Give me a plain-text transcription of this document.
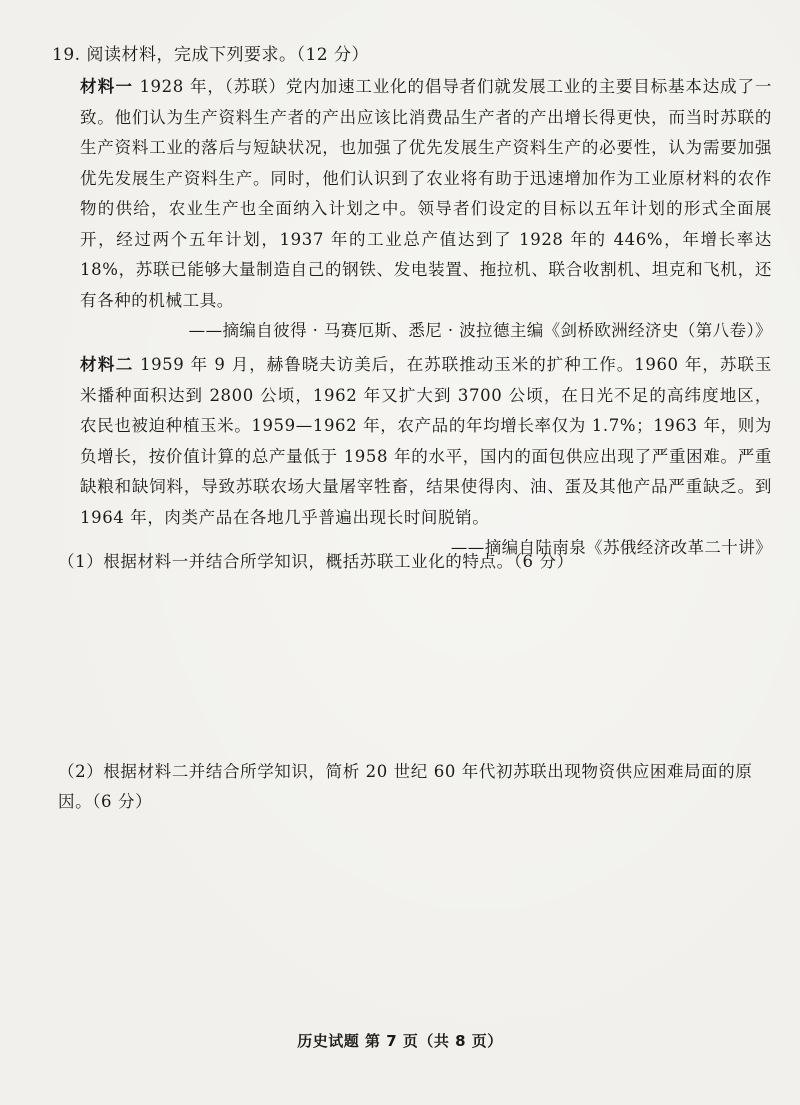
19. 阅读材料，完成下列要求。（12 分）

材料一 1928 年，（苏联）党内加速工业化的倡导者们就发展工业的主要目标基本达成了一致。他们认为生产资料生产者的产出应该比消费品生产者的产出增长得更快，而当时苏联的生产资料工业的落后与短缺状况，也加强了优先发展生产资料生产的必要性，认为需要加强优先发展生产资料生产。同时，他们认识到了农业将有助于迅速增加作为工业原材料的农作物的供给，农业生产也全面纳入计划之中。领导者们设定的目标以五年计划的形式全面展开，经过两个五年计划，1937 年的工业总产值达到了 1928 年的 446%，年增长率达 18%，苏联已能够大量制造自己的钢铁、发电装置、拖拉机、联合收割机、坦克和飞机，还有各种的机械工具。

——摘编自彼得 · 马赛厄斯、悉尼 · 波拉德主编《剑桥欧洲经济史（第八卷）》

材料二 1959 年 9 月，赫鲁晓夫访美后，在苏联推动玉米的扩种工作。1960 年，苏联玉米播种面积达到 2800 公顷，1962 年又扩大到 3700 公顷，在日光不足的高纬度地区，农民也被迫种植玉米。1959—1962 年，农产品的年均增长率仅为 1.7%；1963 年，则为负增长，按价值计算的总产量低于 1958 年的水平，国内的面包供应出现了严重困难。严重缺粮和缺饲料，导致苏联农场大量屠宰牲畜，结果使得肉、油、蛋及其他产品严重缺乏。到 1964 年，肉类产品在各地几乎普遍出现长时间脱销。

——摘编自陆南泉《苏俄经济改革二十讲》

（1）根据材料一并结合所学知识，概括苏联工业化的特点。（6 分）

（2）根据材料二并结合所学知识，简析 20 世纪 60 年代初苏联出现物资供应困难局面的原因。（6 分）

历史试题 第 7 页（共 8 页）
